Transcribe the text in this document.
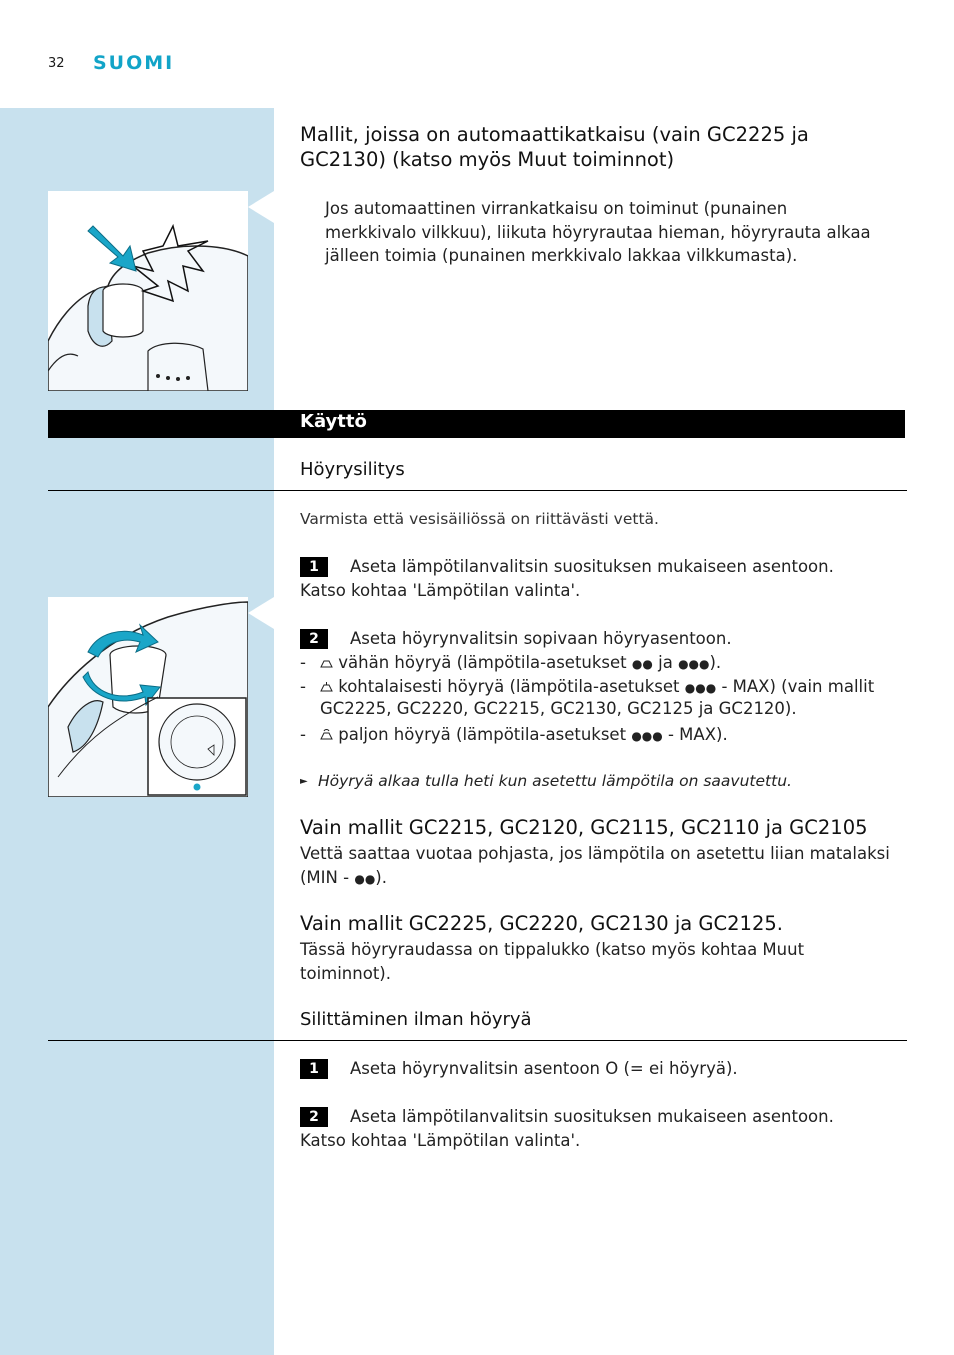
32 SUOMI
Mallit, joissa on automaattikatkaisu (vain GC2225 ja
GC2130) (katso myös Muut toiminnot)
Jos automaattinen virrankatkaisu on toiminut (punainen
merkkivalo vilkkuu), liikuta höyryrautaa hieman, höyryrauta alkaa
jälleen toimia (punainen merkkivalo lakkaa vilkkumasta).
Käyttö
Höyrysilitys
Varmista että vesisäiliössä on riittävästi vettä.
1 Aseta lämpötilanvalitsin suosituksen mukaiseen asentoon.
Katso kohtaa 'Lämpötilan valinta'.
2 Aseta höyrynvalitsin sopivaan höyryasentoon.
- vähän höyryä (lämpötila-asetukset ●● ja ●●●).
- kohtalaisesti höyryä (lämpötila-asetukset ●●● - MAX) (vain mallit
GC2225, GC2220, GC2215, GC2130, GC2125 ja GC2120).
- paljon höyryä (lämpötila-asetukset ●●● - MAX).
► Höyryä alkaa tulla heti kun asetettu lämpötila on saavutettu.
Vain mallit GC2215, GC2120, GC2115, GC2110 ja GC2105
Vettä saattaa vuotaa pohjasta, jos lämpötila on asetettu liian matalaksi
(MIN - ●●).
Vain mallit GC2225, GC2220, GC2130 ja GC2125.
Tässä höyryraudassa on tippalukko (katso myös kohtaa Muut
toiminnot).
Silittäminen ilman höyryä
1 Aseta höyrynvalitsin asentoon O (= ei höyryä).
2 Aseta lämpötilanvalitsin suosituksen mukaiseen asentoon.
Katso kohtaa 'Lämpötilan valinta'.
